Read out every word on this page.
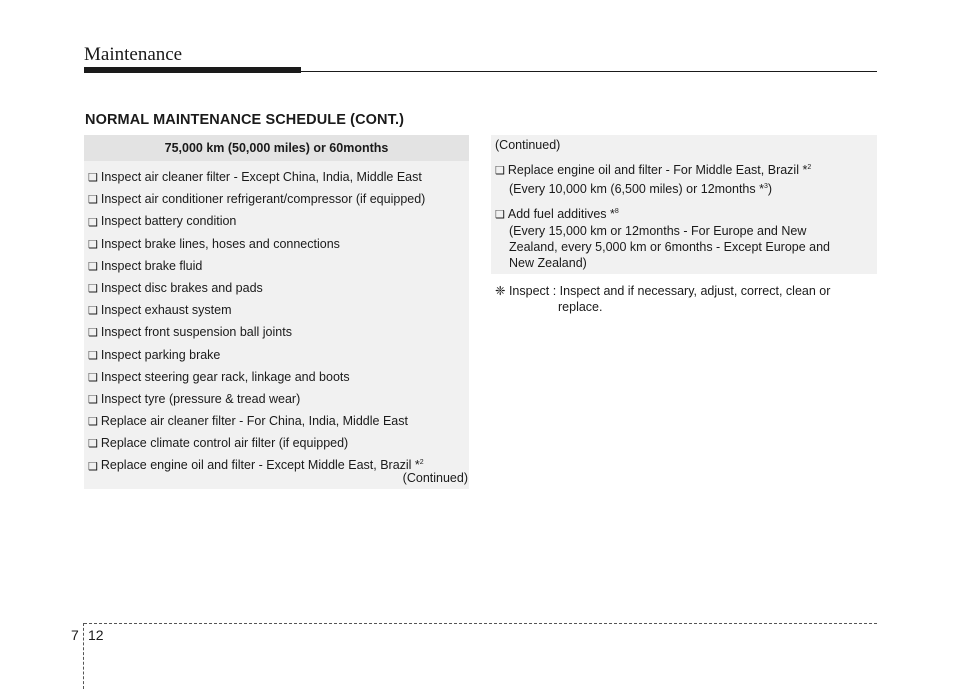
Maintenance
NORMAL MAINTENANCE SCHEDULE (CONT.)
75,000 km (50,000 miles) or 60months
❑ Inspect air cleaner filter - Except China, India, Middle East
❑ Inspect air conditioner refrigerant/compressor (if equipped)
❑ Inspect battery condition
❑ Inspect brake lines, hoses and connections
❑ Inspect brake fluid
❑ Inspect disc brakes and pads
❑ Inspect exhaust system
❑ Inspect front suspension ball joints
❑ Inspect parking brake
❑ Inspect steering gear rack, linkage and boots
❑ Inspect tyre (pressure & tread wear)
❑ Replace air cleaner filter - For China, India, Middle East
❑ Replace climate control air filter (if equipped)
❑ Replace engine oil and filter - Except Middle East, Brazil *$^2$
(Continued)
(Continued)
❑ Replace engine oil and filter - For Middle East, Brazil *$^2$
(Every 10,000 km (6,500 miles) or 12months *$^3$)
❑ Add fuel additives *$^8$
(Every 15,000 km or 12months - For Europe and New
Zealand, every 5,000 km or 6months - Except Europe and
New Zealand)
❈ Inspect : Inspect and if necessary, adjust, correct, clean or
replace.
7 12
